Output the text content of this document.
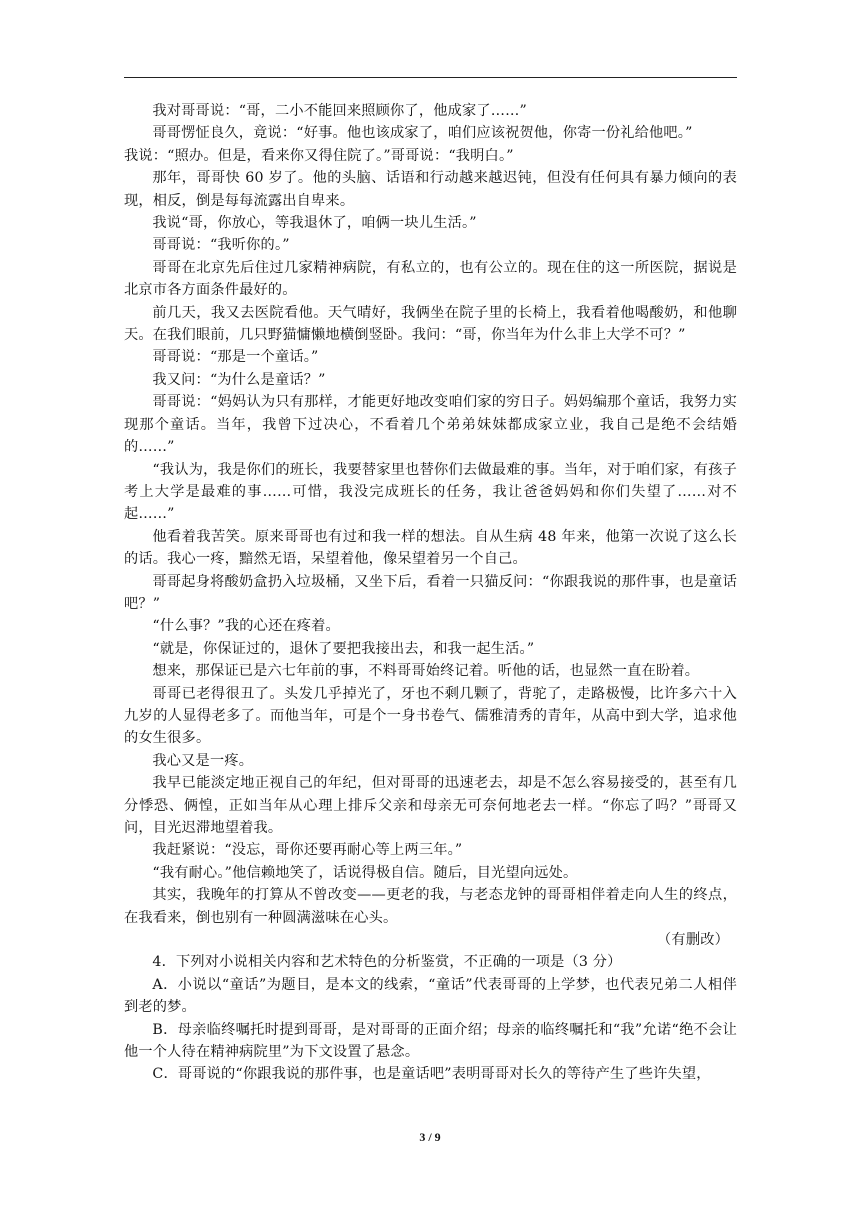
我对哥哥说：“哥，二小不能回来照顾你了，他成家了……”

哥哥愣怔良久，竟说：“好事。他也该成家了，咱们应该祝贺他，你寄一份礼给他吧。”

我说：“照办。但是，看来你又得住院了。”哥哥说：“我明白。”

那年，哥哥快 60 岁了。他的头脑、话语和行动越来越迟钝，但没有任何具有暴力倾向的表现，相反，倒是每每流露出自卑来。

我说“哥，你放心，等我退休了，咱俩一块儿生活。”

哥哥说：“我听你的。”

哥哥在北京先后住过几家精神病院，有私立的，也有公立的。现在住的这一所医院，据说是北京市各方面条件最好的。

前几天，我又去医院看他。天气晴好，我俩坐在院子里的长椅上，我看着他喝酸奶，和他聊天。在我们眼前，几只野猫慵懒地横倒竖卧。我问：“哥，你当年为什么非上大学不可？”

哥哥说：“那是一个童话。”

我又问：“为什么是童话？”

哥哥说：“妈妈认为只有那样，才能更好地改变咱们家的穷日子。妈妈编那个童话，我努力实现那个童话。当年，我曾下过决心，不看着几个弟弟妹妹都成家立业，我自己是绝不会结婚的……”

“我认为，我是你们的班长，我要替家里也替你们去做最难的事。当年，对于咱们家，有孩子考上大学是最难的事……可惜，我没完成班长的任务，我让爸爸妈妈和你们失望了……对不起……”

他看着我苦笑。原来哥哥也有过和我一样的想法。自从生病 48 年来，他第一次说了这么长的话。我心一疼，黯然无语，呆望着他，像呆望着另一个自己。

哥哥起身将酸奶盒扔入垃圾桶，又坐下后，看着一只猫反问：“你跟我说的那件事，也是童话吧？”

“什么事？”我的心还在疼着。

“就是，你保证过的，退休了要把我接出去，和我一起生活。”

想来，那保证已是六七年前的事，不料哥哥始终记着。听他的话，也显然一直在盼着。

哥哥已老得很丑了。头发几乎掉光了，牙也不剩几颗了，背驼了，走路极慢，比许多六十入九岁的人显得老多了。而他当年，可是个一身书卷气、儒雅清秀的青年，从高中到大学，追求他的女生很多。

我心又是一疼。

我早已能淡定地正视自己的年纪，但对哥哥的迅速老去，却是不怎么容易接受的，甚至有几分悸恐、俩惶，正如当年从心理上排斥父亲和母亲无可奈何地老去一样。“你忘了吗？”哥哥又问，目光迟滞地望着我。

我赶紧说：“没忘，哥你还要再耐心等上两三年。”

“我有耐心。”他信赖地笑了，话说得极自信。随后，目光望向远处。

其实，我晚年的打算从不曾改变——更老的我，与老态龙钟的哥哥相伴着走向人生的终点，在我看来，倒也别有一种圆满滋味在心头。

（有删改）

4．下列对小说相关内容和艺术特色的分析鉴赏，不正确的一项是（3 分）

A．小说以“童话”为题目，是本文的线索，“童话”代表哥哥的上学梦，也代表兄弟二人相伴到老的梦。

B．母亲临终嘱托时提到哥哥，是对哥哥的正面介绍；母亲的临终嘱托和“我”允诺“绝不会让他一个人待在精神病院里”为下文设置了悬念。

C．哥哥说的“你跟我说的那件事，也是童话吧”表明哥哥对长久的等待产生了些许失望，

3 / 9
